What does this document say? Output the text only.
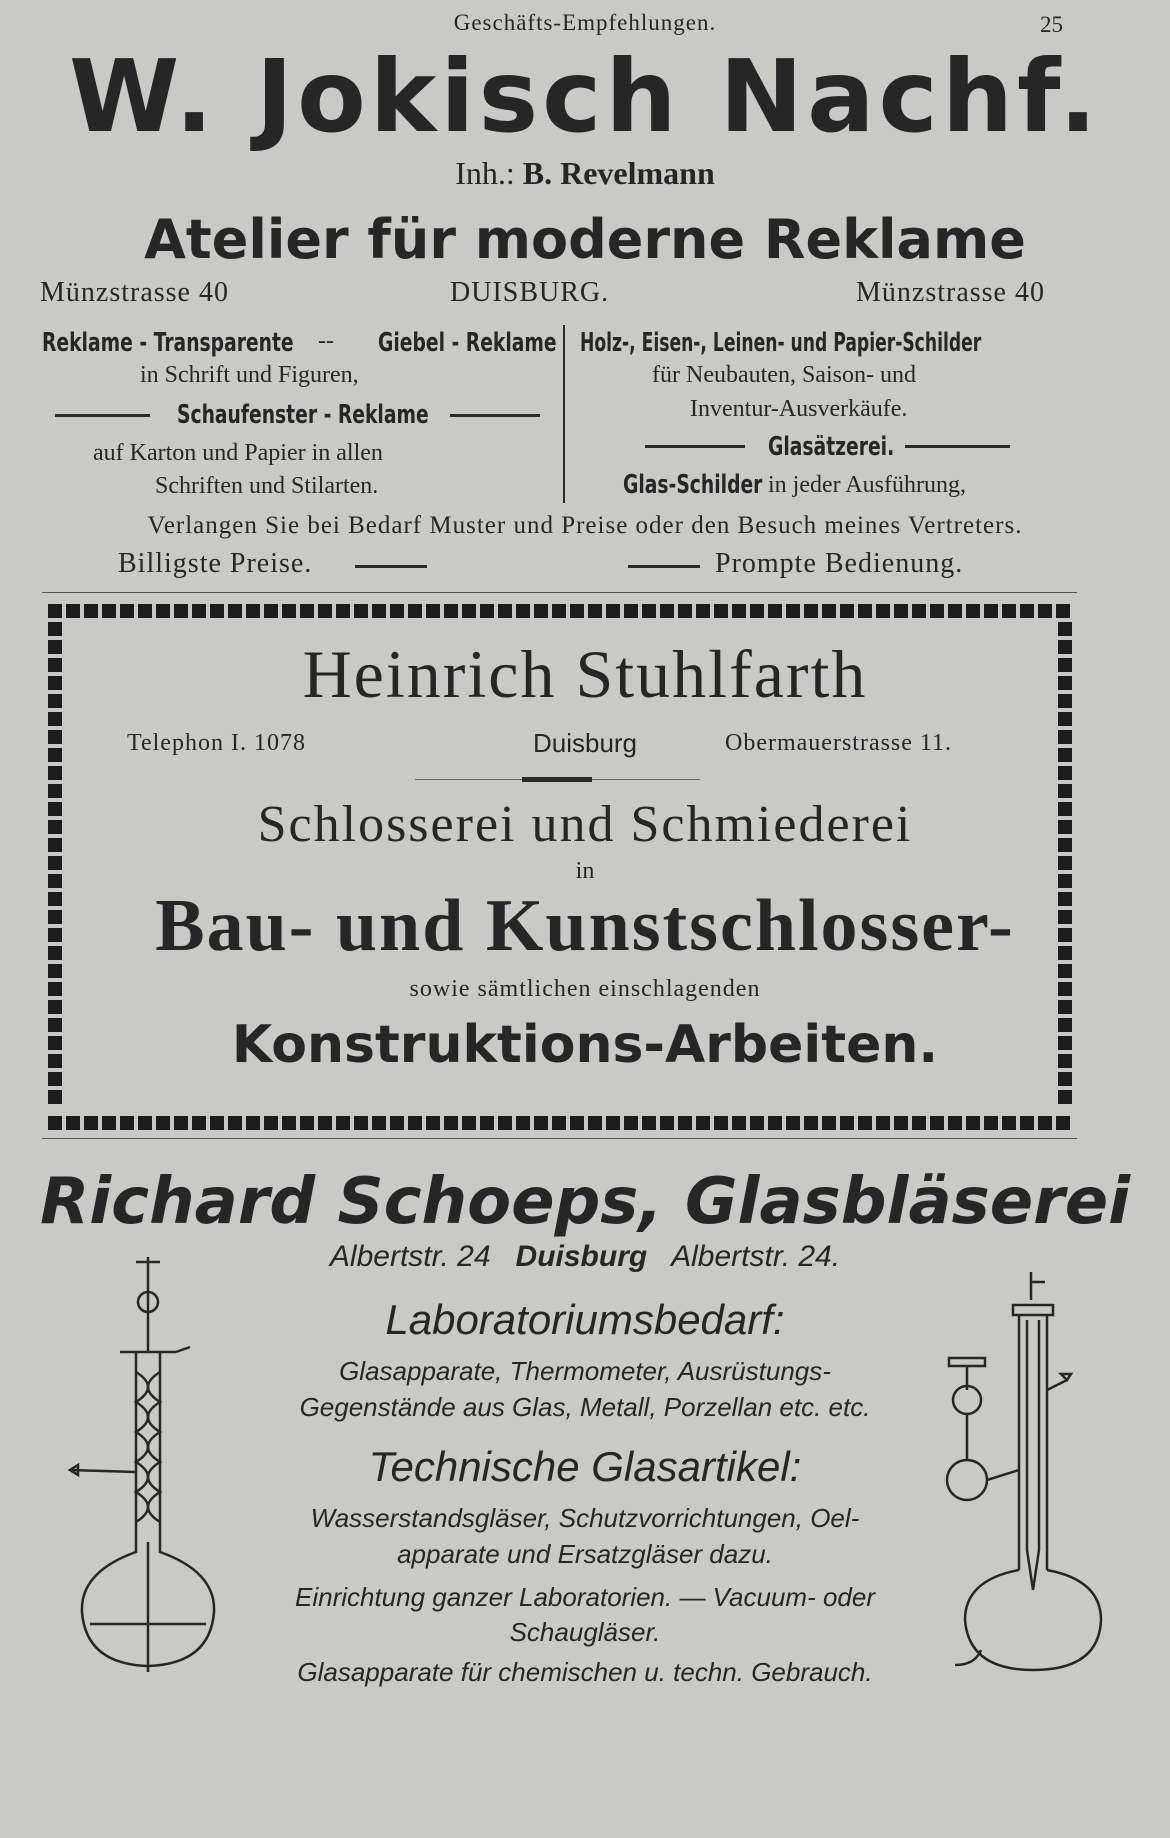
Geschäfts-Empfehlungen.	25
W. Jokisch Nachf.
Inh.: B. Revelmann
Atelier für moderne Reklame
Münzstrasse 40	DUISBURG.	Münzstrasse 40
Reklame - Transparente -- Giebel - Reklame
in Schrift und Figuren,
Schaufenster - Reklame
auf Karton und Papier in allen
Schriften und Stilarten.
Holz-, Eisen-, Leinen- und Papier-Schilder
für Neubauten, Saison- und
Inventur-Ausverkäufe.
Glasätzerei.
Glas-Schilder in jeder Ausführung,
Verlangen Sie bei Bedarf Muster und Preise oder den Besuch meines Vertreters.
Billigste Preise.	Prompte Bedienung.
Heinrich Stuhlfarth
Telephon I. 1078	Duisburg	Obermauerstrasse 11.
Schlosserei und Schmiederei
in
Bau- und Kunstschlosser-
sowie sämtlichen einschlagenden
Konstruktions-Arbeiten.
Richard Schoeps, Glasbläserei
Albertstr. 24 Duisburg Albertstr. 24.
Laboratoriumsbedarf:
Glasapparate, Thermometer, Ausrüstungs-
Gegenstände aus Glas, Metall, Porzellan etc. etc.
Technische Glasartikel:
Wasserstandsgläser, Schutzvorrichtungen, Oel-
apparate und Ersatzgläser dazu.
Einrichtung ganzer Laboratorien. — Vacuum- oder
Schaugläser.
Glasapparate für chemischen u. techn. Gebrauch.
